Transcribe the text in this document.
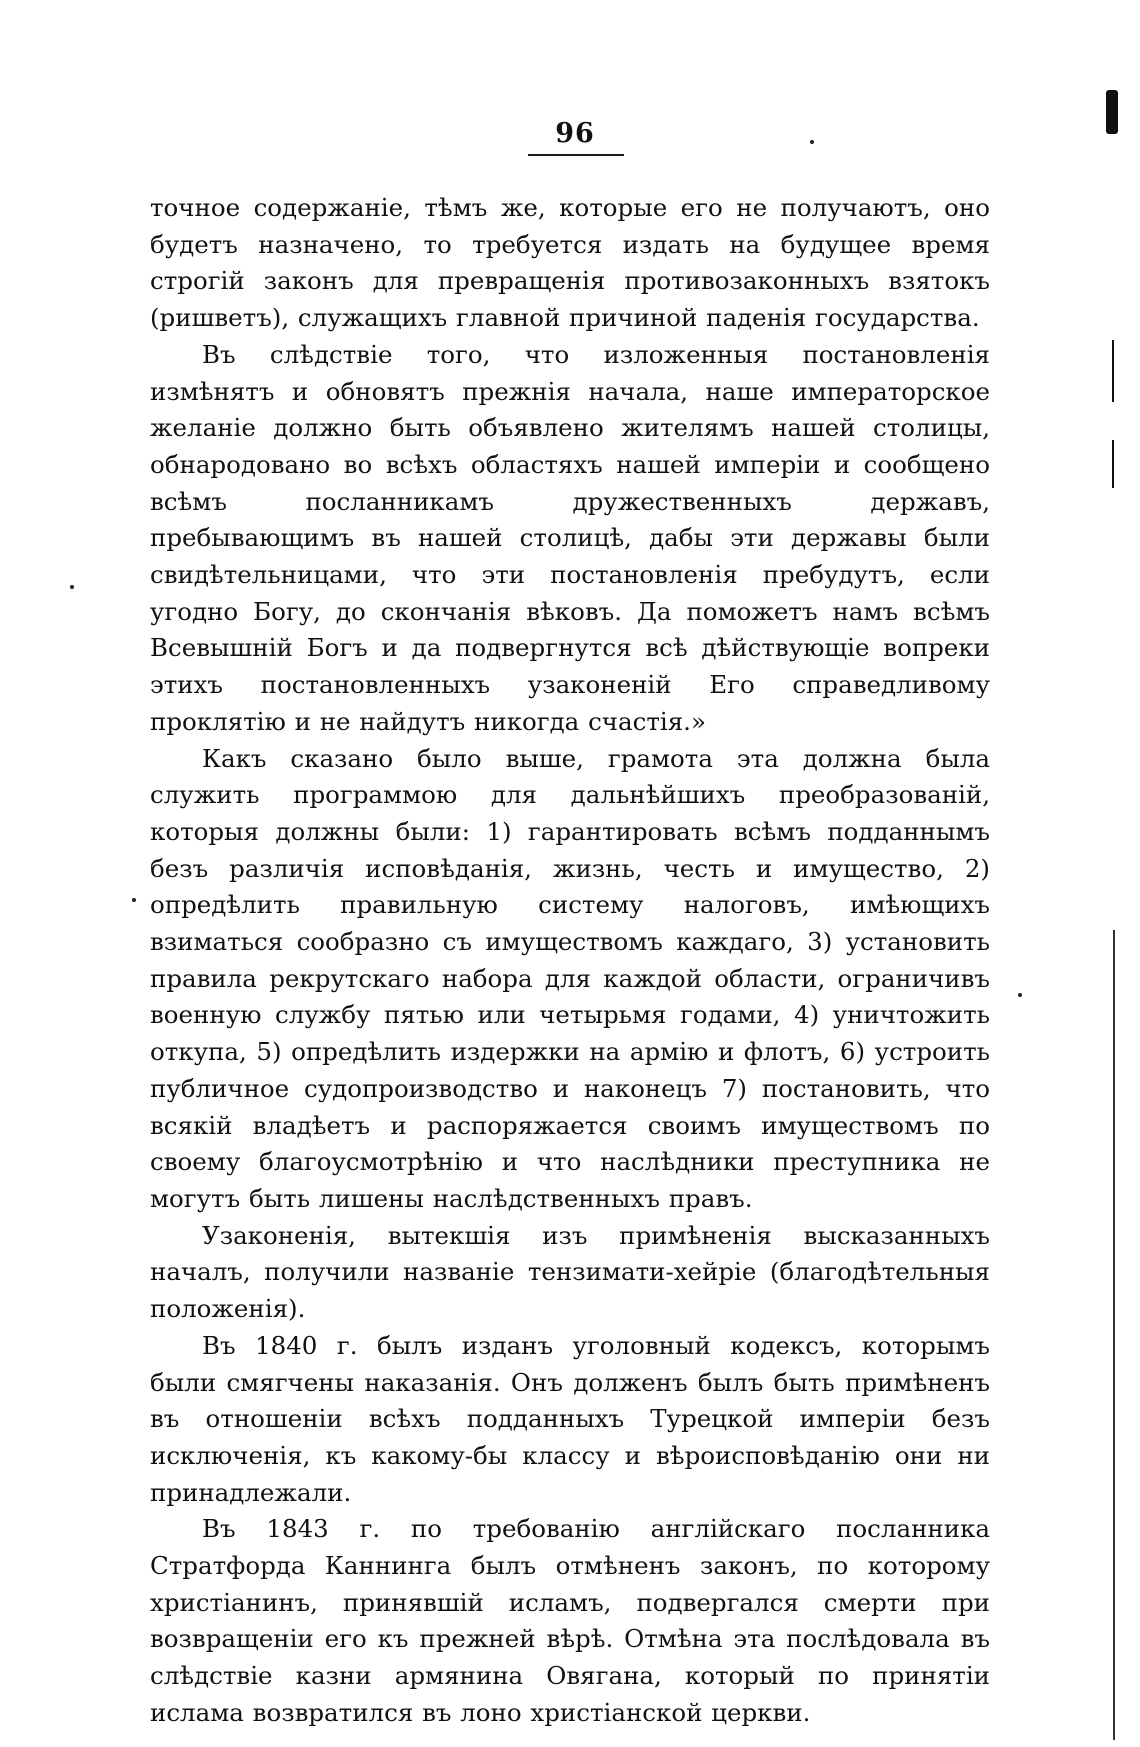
96

точное содержаніе, тѣмъ же, которые его не получаютъ, оно будетъ назначено, то требуется издать на будущее время строгій законъ для превращенія противозаконныхъ взятокъ (ришветъ), служащихъ главной причиной паденія государства.

Въ слѣдствіе того, что изложенныя постановленія измѣнятъ и обновятъ прежнія начала, наше императорское желаніе должно быть объявлено жителямъ нашей столицы, обнародовано во всѣхъ областяхъ нашей имперіи и сообщено всѣмъ посланникамъ дружественныхъ державъ, пребывающимъ въ нашей столицѣ, дабы эти державы были свидѣтельницами, что эти постановленія пребудутъ, если угодно Богу, до скончанія вѣковъ. Да поможетъ намъ всѣмъ Всевышній Богъ и да подвергнутся всѣ дѣйствующіе вопреки этихъ постановленныхъ узаконеній Его справедливому проклятію и не найдутъ никогда счастія.»

Какъ сказано было выше, грамота эта должна была служить программою для дальнѣйшихъ преобразованій, которыя должны были: 1) гарантировать всѣмъ подданнымъ безъ различія исповѣданія, жизнь, честь и имущество, 2) опредѣлить правильную систему налоговъ, имѣющихъ взиматься сообразно съ имуществомъ каждаго, 3) установить правила рекрутскаго набора для каждой области, ограничивъ военную службу пятью или четырьмя годами, 4) уничтожить откупа, 5) опредѣлить издержки на армію и флотъ, 6) устроить публичное судопроизводство и наконецъ 7) постановить, что всякій владѣетъ и распоряжается своимъ имуществомъ по своему благоусмотрѣнію и что наслѣдники преступника не могутъ быть лишены наслѣдственныхъ правъ.

Узаконенія, вытекшія изъ примѣненія высказанныхъ началъ, получили названіе тензимати-хейріе (благодѣтельныя положенія).

Въ 1840 г. былъ изданъ уголовный кодексъ, которымъ были смягчены наказанія. Онъ долженъ былъ быть примѣненъ въ отношеніи всѣхъ подданныхъ Турецкой имперіи безъ исключенія, къ какому-бы классу и вѣроисповѣданію они ни принадлежали.

Въ 1843 г. по требованію англійскаго посланника Стратфорда Каннинга былъ отмѣненъ законъ, по которому христіанинъ, принявшій исламъ, подвергался смерти при возвращеніи его къ прежней вѣрѣ. Отмѣна эта послѣдовала въ слѣдствіе казни армянина Овягана, который по принятіи ислама возвратился въ лоно христіанской церкви.
